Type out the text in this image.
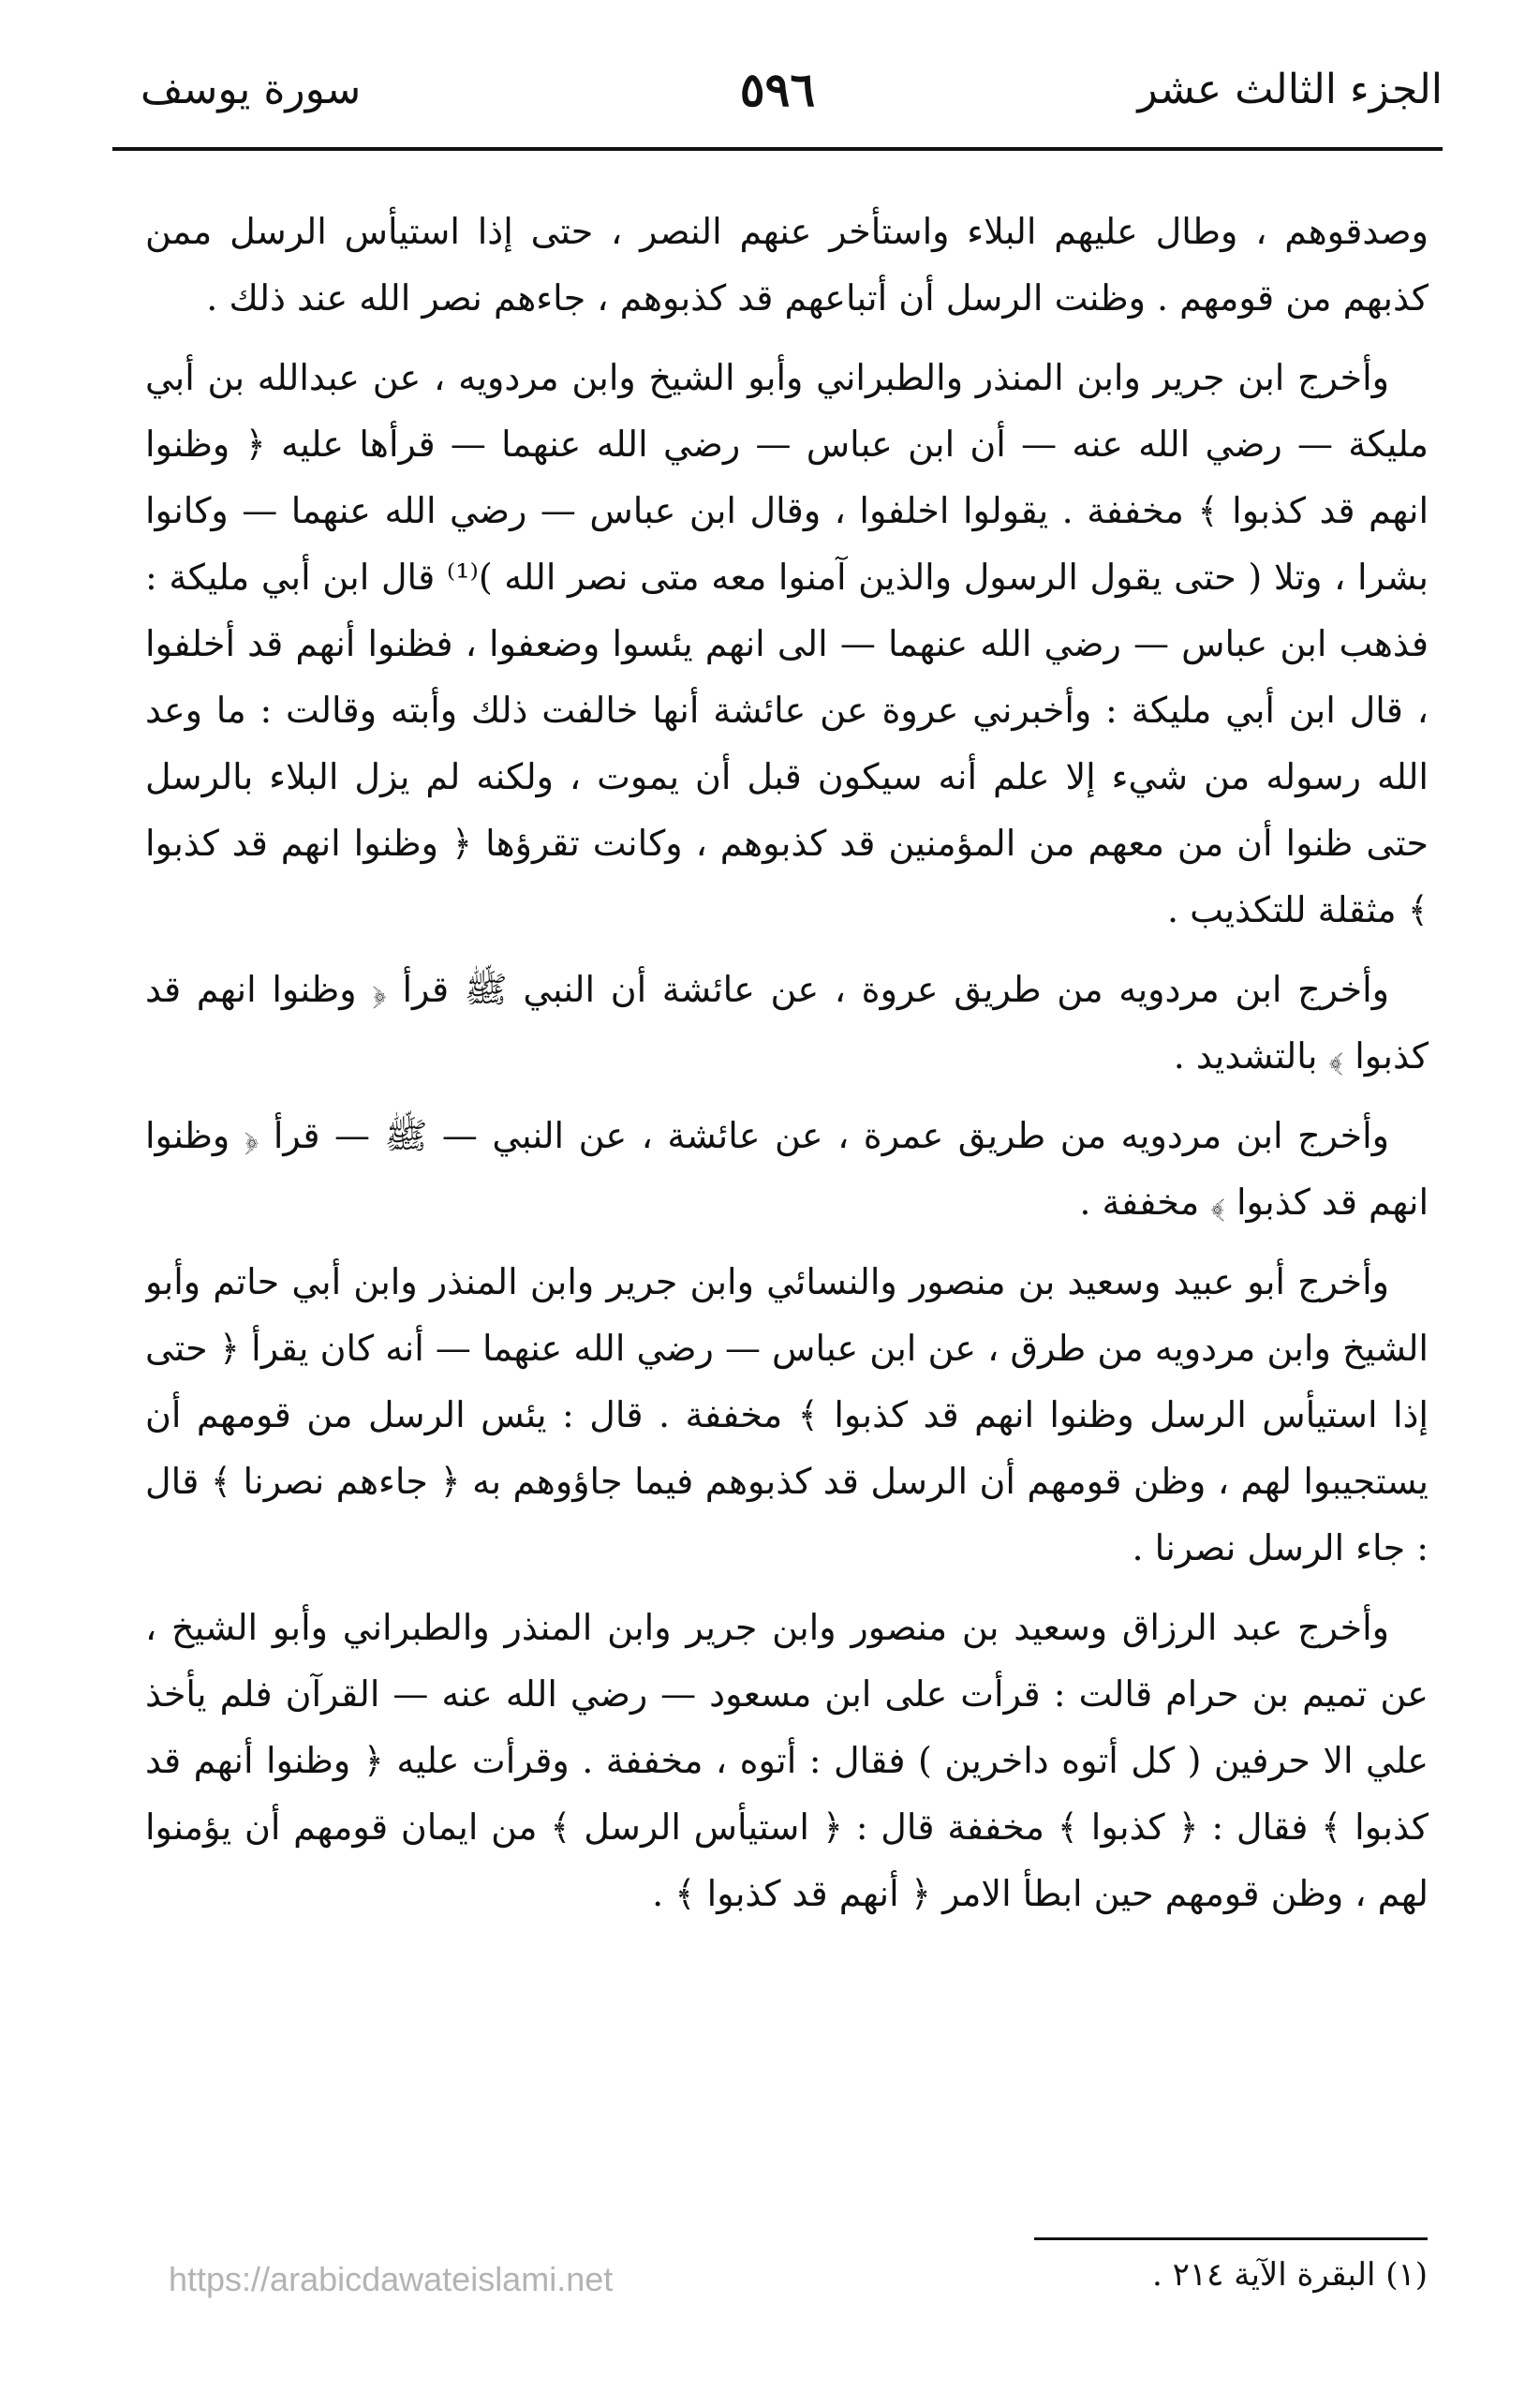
الجزء الثالث عشر
٥٩٦
سورة يوسف

وصدقوهم ، وطال عليهم البلاء واستأخر عنهم النصر ، حتى إذا استيأس الرسل ممن كذبهم من قومهم . وظنت الرسل أن أتباعهم قد كذبوهم ، جاءهم نصر الله عند ذلك .

وأخرج ابن جرير وابن المنذر والطبراني وأبو الشيخ وابن مردويه ، عن عبدالله بن أبي مليكة — رضي الله عنه — أن ابن عباس — رضي الله عنهما — قرأها عليه ﴿ وظنوا انهم قد كذبوا ﴾ مخففة . يقولوا اخلفوا ، وقال ابن عباس — رضي الله عنهما — وكانوا بشرا ، وتلا ( حتى يقول الرسول والذين آمنوا معه متى نصر الله )⁽¹⁾ قال ابن أبي مليكة : فذهب ابن عباس — رضي الله عنهما — الى انهم يئسوا وضعفوا ، فظنوا أنهم قد أخلفوا ، قال ابن أبي مليكة : وأخبرني عروة عن عائشة أنها خالفت ذلك وأبته وقالت : ما وعد الله رسوله من شيء إلا علم أنه سيكون قبل أن يموت ، ولكنه لم يزل البلاء بالرسل حتى ظنوا أن من معهم من المؤمنين قد كذبوهم ، وكانت تقرؤها ﴿ وظنوا انهم قد كذبوا ﴾ مثقلة للتكذيب .

وأخرج ابن مردويه من طريق عروة ، عن عائشة أن النبي ﷺ قرأ ﴿ وظنوا انهم قد كذبوا ﴾ بالتشديد .

وأخرج ابن مردويه من طريق عمرة ، عن عائشة ، عن النبي — ﷺ — قرأ ﴿ وظنوا انهم قد كذبوا ﴾ مخففة .

وأخرج أبو عبيد وسعيد بن منصور والنسائي وابن جرير وابن المنذر وابن أبي حاتم وأبو الشيخ وابن مردويه من طرق ، عن ابن عباس — رضي الله عنهما — أنه كان يقرأ ﴿ حتى إذا استيأس الرسل وظنوا انهم قد كذبوا ﴾ مخففة . قال : يئس الرسل من قومهم أن يستجيبوا لهم ، وظن قومهم أن الرسل قد كذبوهم فيما جاؤوهم به ﴿ جاءهم نصرنا ﴾ قال : جاء الرسل نصرنا .

وأخرج عبد الرزاق وسعيد بن منصور وابن جرير وابن المنذر والطبراني وأبو الشيخ ، عن تميم بن حرام قالت : قرأت على ابن مسعود — رضي الله عنه — القرآن فلم يأخذ علي الا حرفين ( كل أتوه داخرين ) فقال : أتوه ، مخففة . وقرأت عليه ﴿ وظنوا أنهم قد كذبوا ﴾ فقال : ﴿ كذبوا ﴾ مخففة قال : ﴿ استيأس الرسل ﴾ من ايمان قومهم أن يؤمنوا لهم ، وظن قومهم حين ابطأ الامر ﴿ أنهم قد كذبوا ﴾ .

(١) البقرة الآية ٢١٤ .
https://arabicdawateislami.net
